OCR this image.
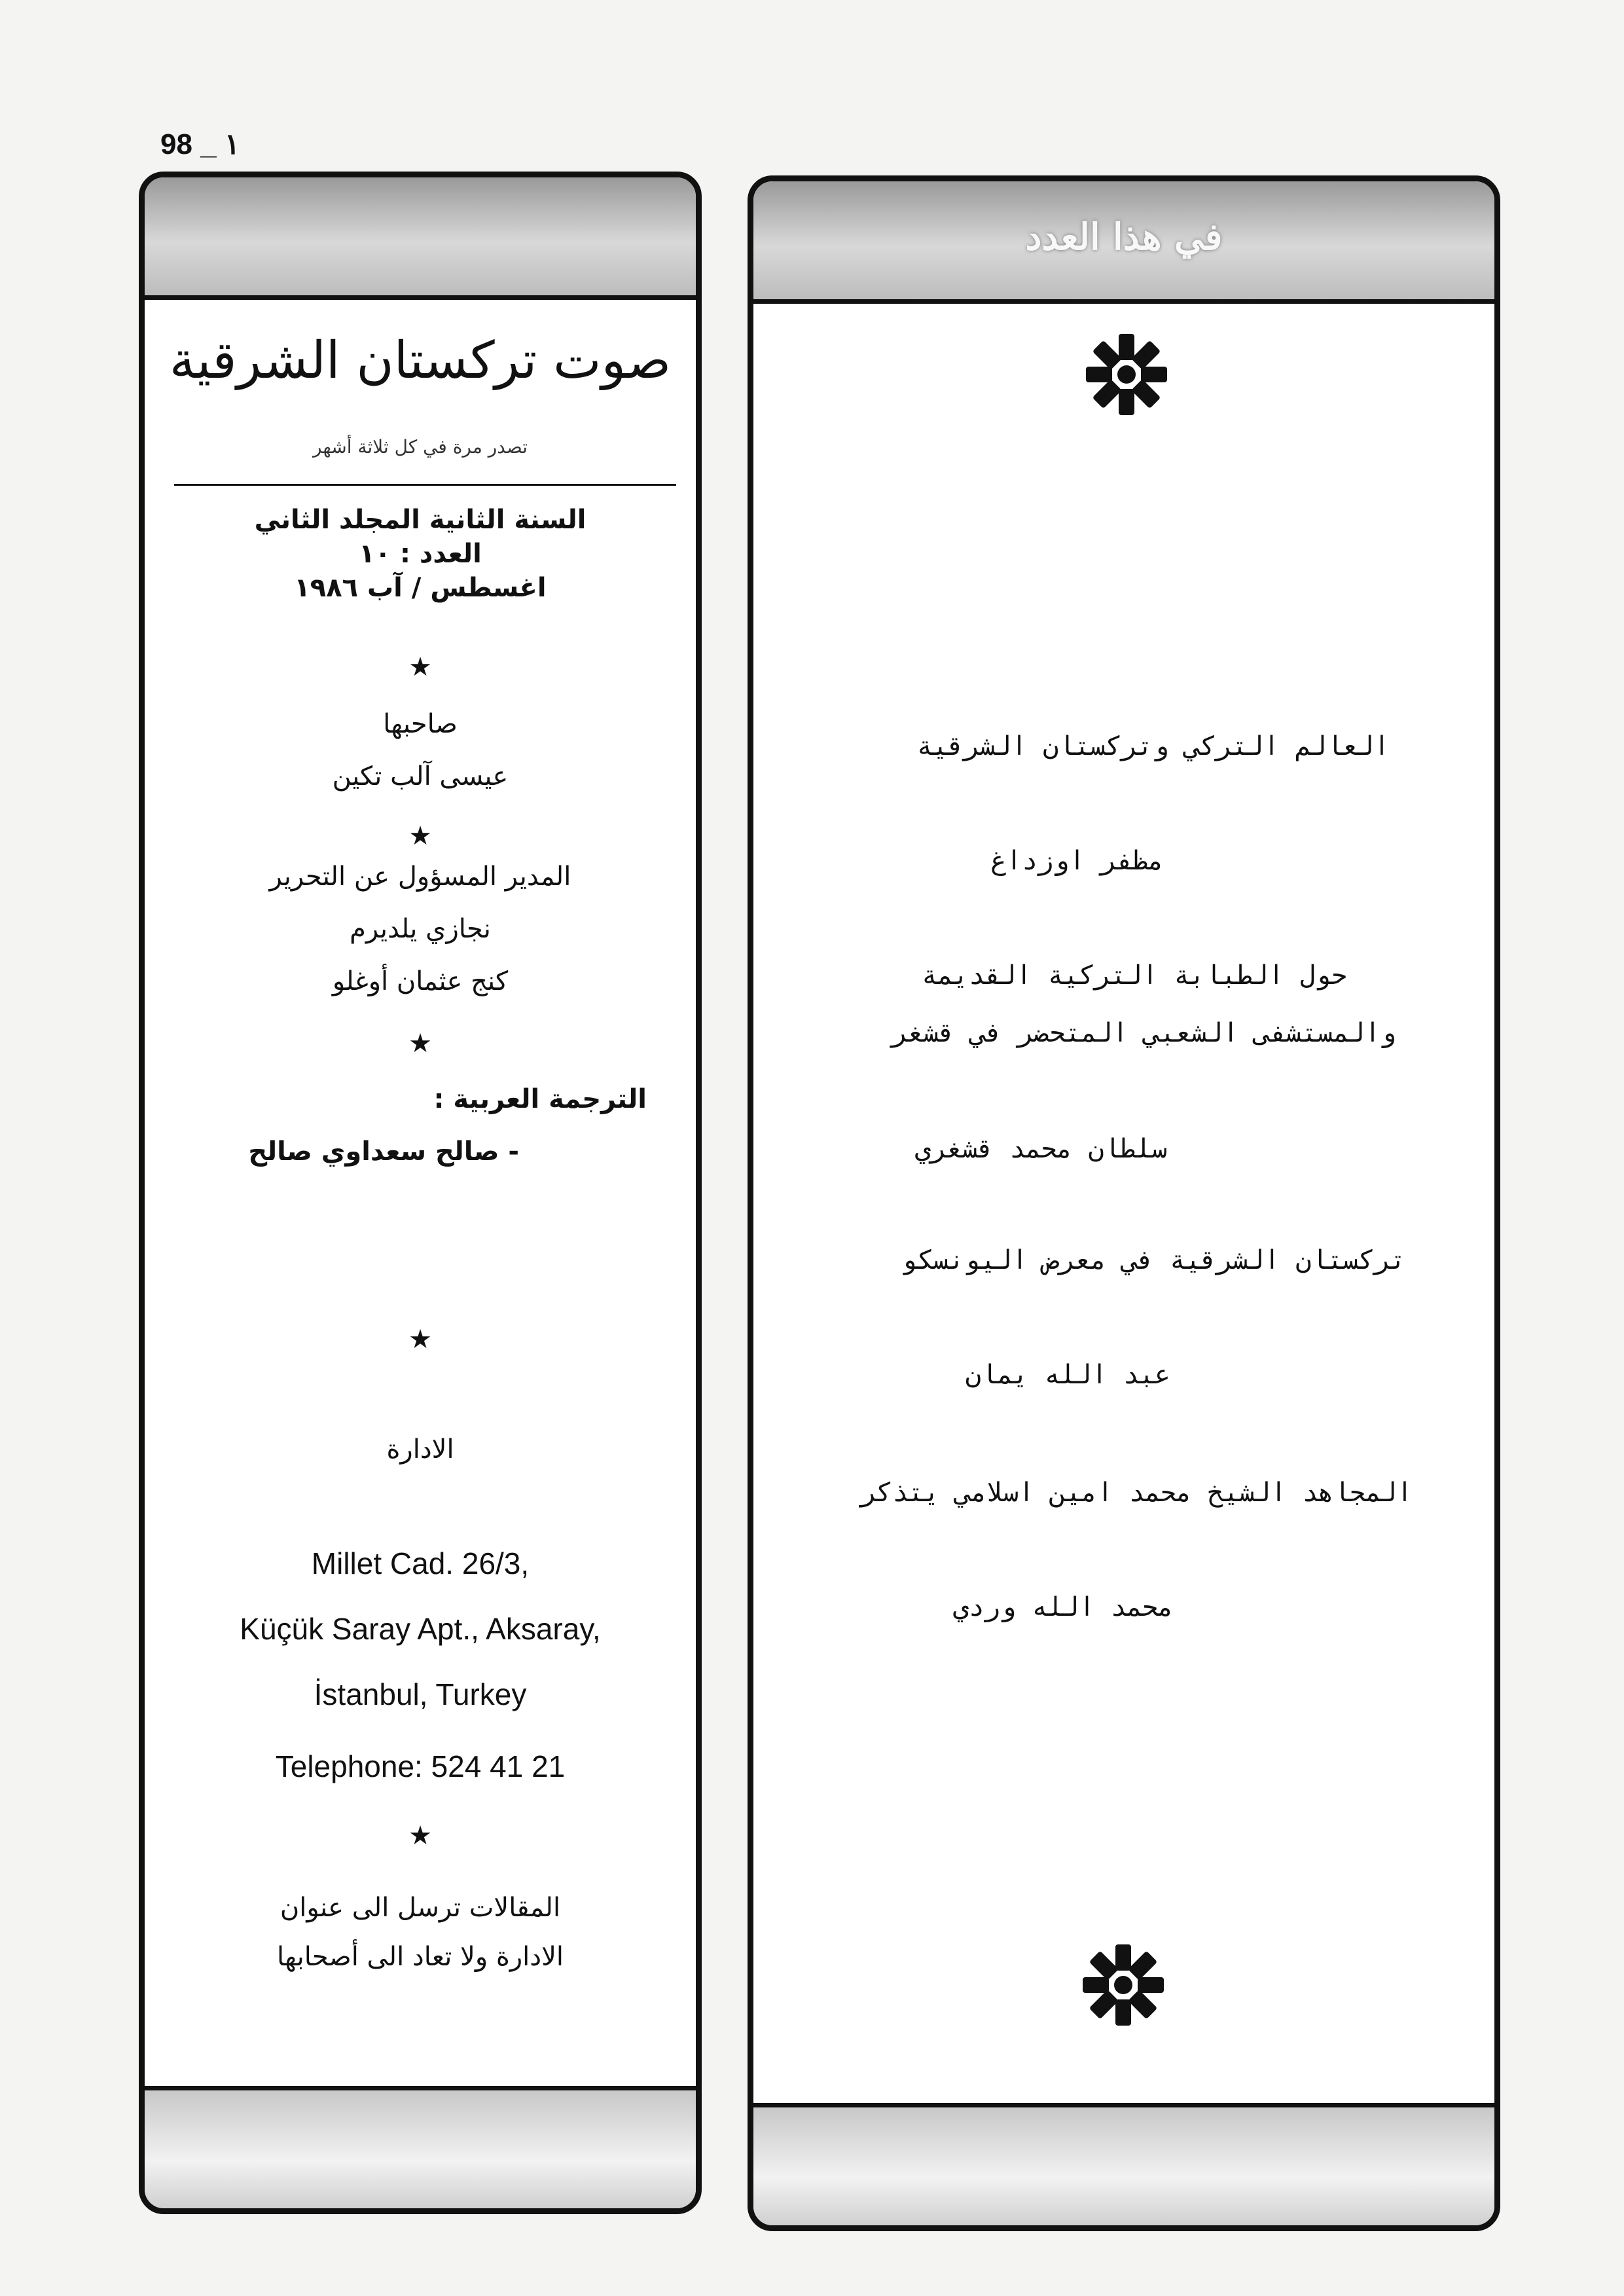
98 _ ١
صوت تركستان الشرقية
تصدر مرة في كل ثلاثة أشهر
السنة الثانية المجلد الثاني
العدد : ١٠
اغسطس / آب ١٩٨٦
★
صاحبها
عيسى آلب تكين
★
المدير المسؤول عن التحرير
نجازي يلديرم
كنج عثمان أوغلو
★
الترجمة العربية :
- صالح سعداوي صالح
★
الادارة
Millet Cad. 26/3,
Küçük Saray Apt., Aksaray,
İstanbul, Turkey
Telephone: 524 41 21
★
المقالات ترسل الى عنوان
الادارة ولا تعاد الى أصحابها
في هذا العدد
العالم التركي وتركستان الشرقية
مظفر اوزداغ
حول الطبابة التركية القديمة
والمستشفى الشعبي المتحضر في قشغر
سلطان محمد قشغري
تركستان الشرقية في معرض اليونسكو
عبد الله يمان
المجاهد الشيخ محمد امين اسلامي يتذكر
محمد الله وردي
